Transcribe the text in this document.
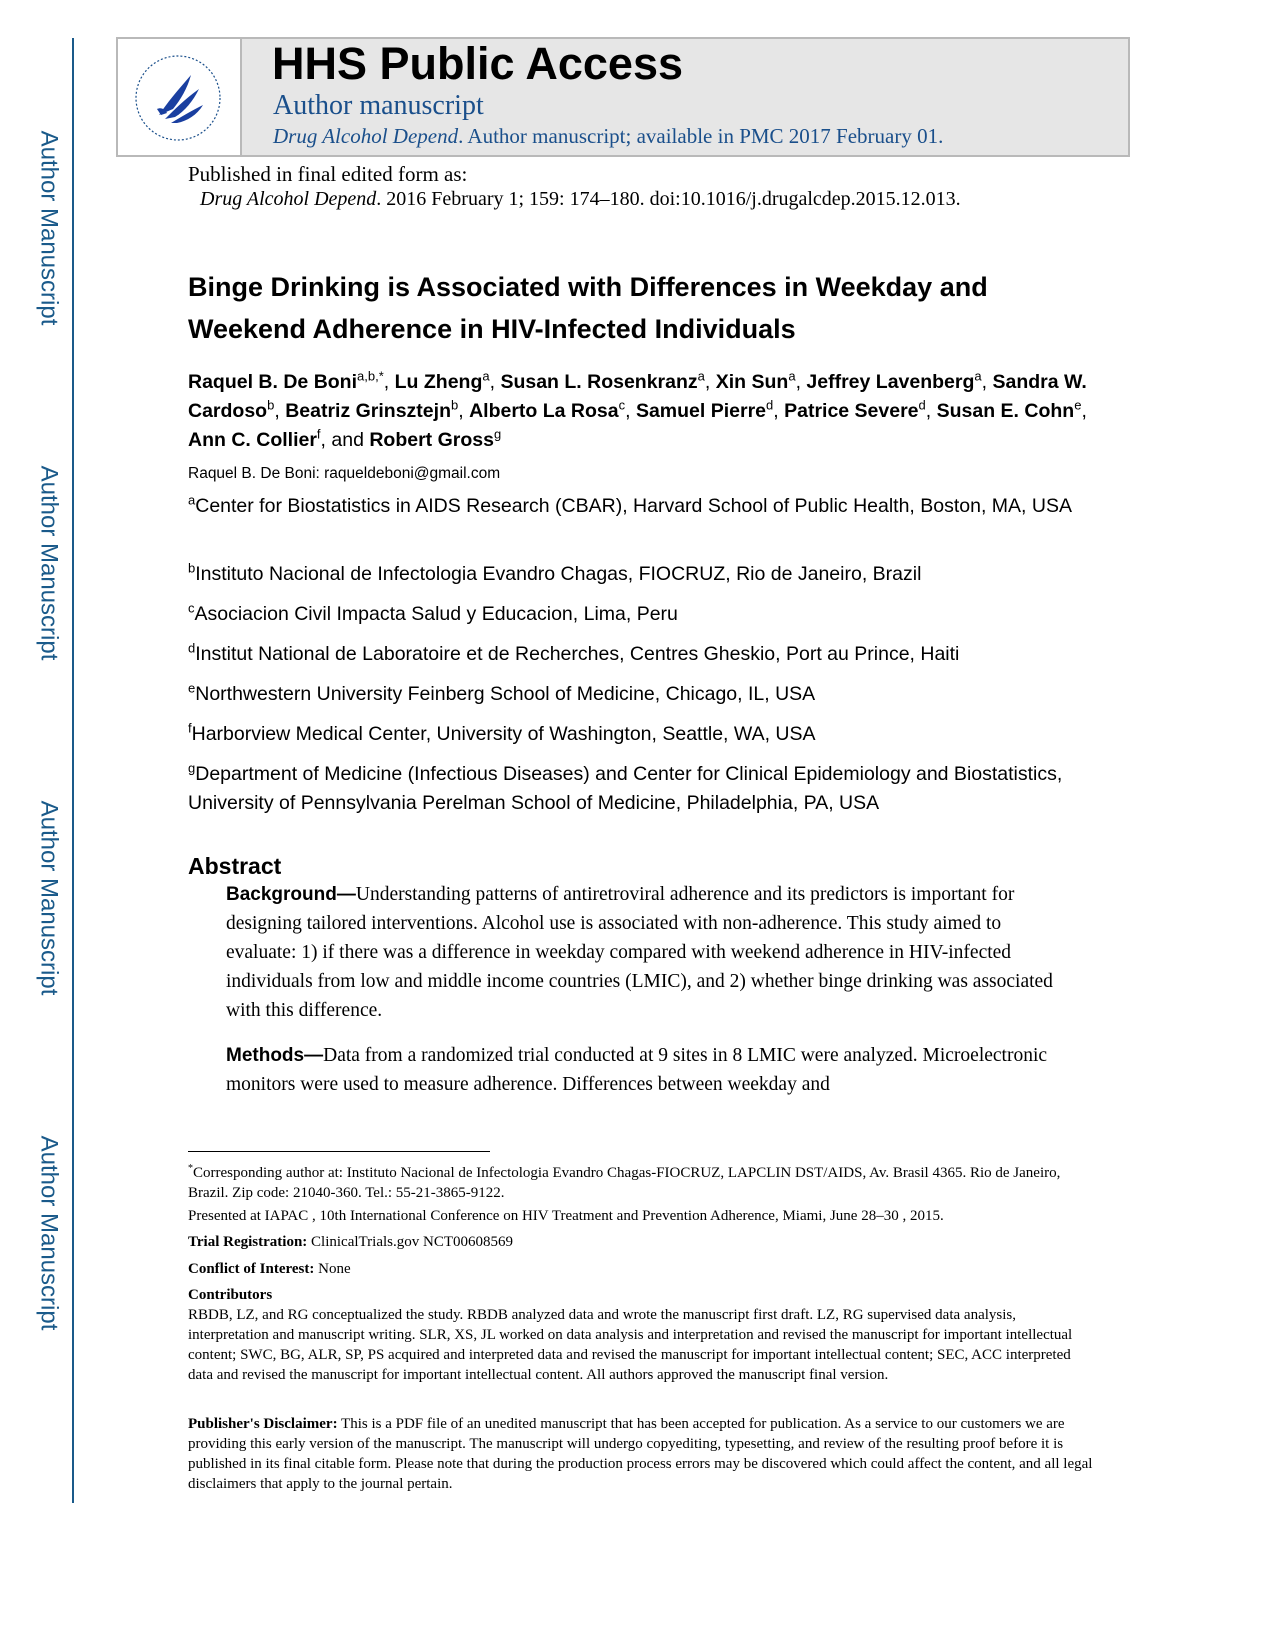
Author Manuscript
Author Manuscript
Author Manuscript
Author Manuscript
HHS Public Access
Author manuscript
Drug Alcohol Depend. Author manuscript; available in PMC 2017 February 01.
Published in final edited form as:
Drug Alcohol Depend. 2016 February 1; 159: 174–180. doi:10.1016/j.drugalcdep.2015.12.013.
Binge Drinking is Associated with Differences in Weekday and
Weekend Adherence in HIV-Infected Individuals
Raquel B. De Boni$^{a,b,*}$, Lu Zheng$^a$, Susan L. Rosenkranz$^a$, Xin Sun$^a$, Jeffrey Lavenberg$^a$, Sandra W. Cardoso$^b$, Beatriz Grinsztejn$^b$, Alberto La Rosa$^c$, Samuel Pierre$^d$, Patrice Severe$^d$, Susan E. Cohn$^e$, Ann C. Collier$^f$, and Robert Gross$^g$
Raquel B. De Boni: raqueldeboni@gmail.com
$^a$Center for Biostatistics in AIDS Research (CBAR), Harvard School of Public Health, Boston, MA, USA
$^b$Instituto Nacional de Infectologia Evandro Chagas, FIOCRUZ, Rio de Janeiro, Brazil
$^c$Asociacion Civil Impacta Salud y Educacion, Lima, Peru
$^d$Institut National de Laboratoire et de Recherches, Centres Gheskio, Port au Prince, Haiti
$^e$Northwestern University Feinberg School of Medicine, Chicago, IL, USA
$^f$Harborview Medical Center, University of Washington, Seattle, WA, USA
$^g$Department of Medicine (Infectious Diseases) and Center for Clinical Epidemiology and Biostatistics, University of Pennsylvania Perelman School of Medicine, Philadelphia, PA, USA
Abstract
Background—Understanding patterns of antiretroviral adherence and its predictors is important for designing tailored interventions. Alcohol use is associated with non-adherence. This study aimed to evaluate: 1) if there was a difference in weekday compared with weekend adherence in HIV-infected individuals from low and middle income countries (LMIC), and 2) whether binge drinking was associated with this difference.
Methods—Data from a randomized trial conducted at 9 sites in 8 LMIC were analyzed. Microelectronic monitors were used to measure adherence. Differences between weekday and
*Corresponding author at: Instituto Nacional de Infectologia Evandro Chagas-FIOCRUZ, LAPCLIN DST/AIDS, Av. Brasil 4365. Rio de Janeiro, Brazil. Zip code: 21040-360. Tel.: 55-21-3865-9122.
Presented at IAPAC , 10th International Conference on HIV Treatment and Prevention Adherence, Miami, June 28–30 , 2015.
Trial Registration: ClinicalTrials.gov NCT00608569
Conflict of Interest: None
Contributors
RBDB, LZ, and RG conceptualized the study. RBDB analyzed data and wrote the manuscript first draft. LZ, RG supervised data analysis, interpretation and manuscript writing. SLR, XS, JL worked on data analysis and interpretation and revised the manuscript for important intellectual content; SWC, BG, ALR, SP, PS acquired and interpreted data and revised the manuscript for important intellectual content; SEC, ACC interpreted data and revised the manuscript for important intellectual content. All authors approved the manuscript final version.
Publisher's Disclaimer: This is a PDF file of an unedited manuscript that has been accepted for publication. As a service to our customers we are providing this early version of the manuscript. The manuscript will undergo copyediting, typesetting, and review of the resulting proof before it is published in its final citable form. Please note that during the production process errors may be discovered which could affect the content, and all legal disclaimers that apply to the journal pertain.
